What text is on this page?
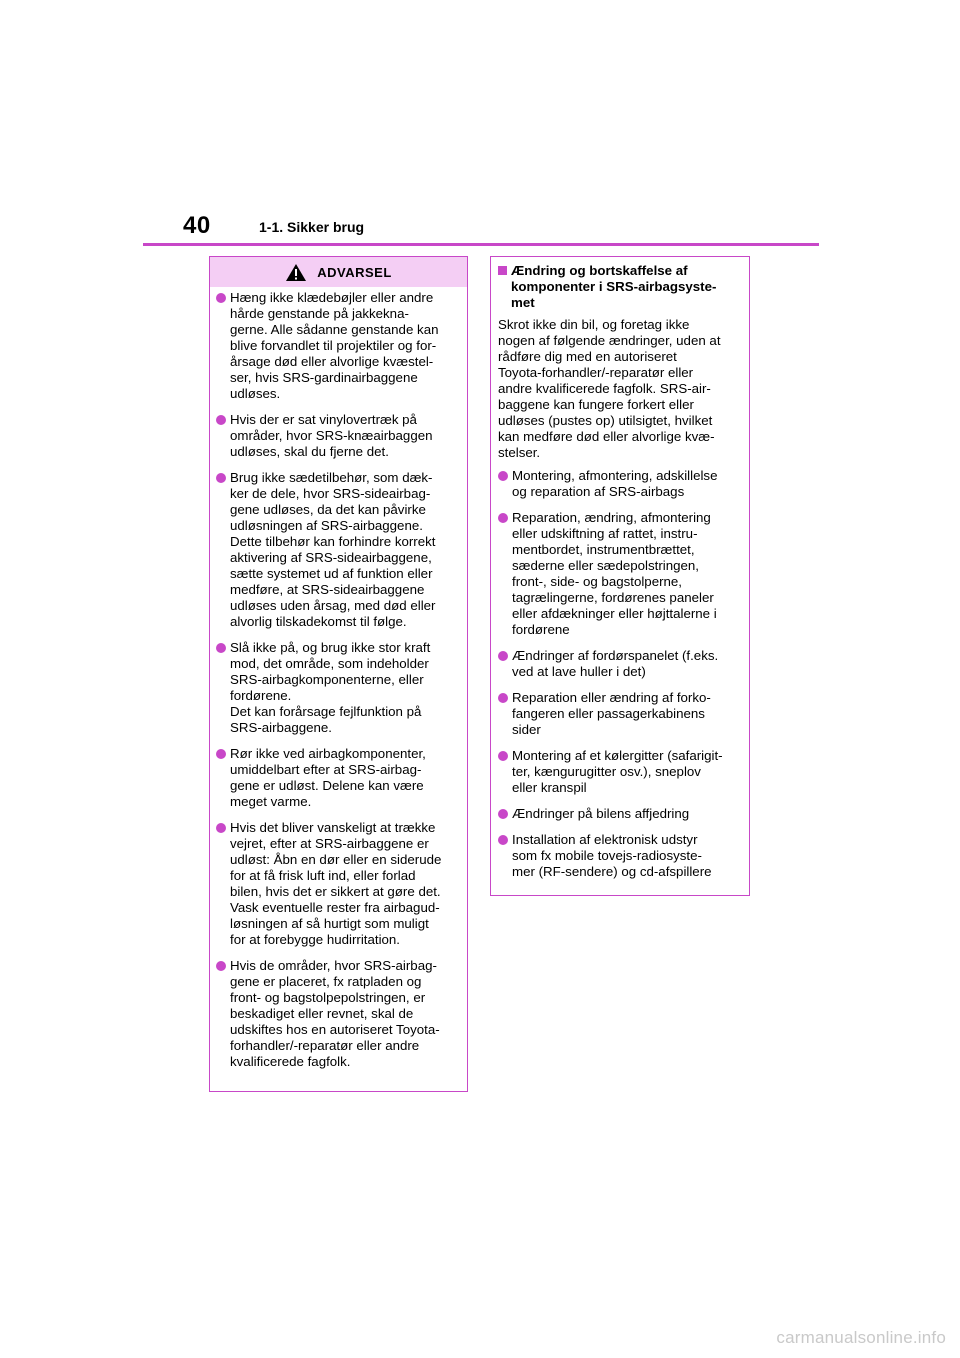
40	1-1. Sikker brug
ADVARSEL
Hæng ikke klædebøjler eller andre
hårde genstande på jakkekna-
gerne. Alle sådanne genstande kan
blive forvandlet til projektiler og for-
årsage død eller alvorlige kvæstel-
ser, hvis SRS-gardinairbaggene
udløses.
Hvis der er sat vinylovertræk på
områder, hvor SRS-knæairbaggen
udløses, skal du fjerne det.
Brug ikke sædetilbehør, som dæk-
ker de dele, hvor SRS-sideairbag-
gene udløses, da det kan påvirke
udløsningen af SRS-airbaggene.
Dette tilbehør kan forhindre korrekt
aktivering af SRS-sideairbaggene,
sætte systemet ud af funktion eller
medføre, at SRS-sideairbaggene
udløses uden årsag, med død eller
alvorlig tilskadekomst til følge.
Slå ikke på, og brug ikke stor kraft
mod, det område, som indeholder
SRS-airbagkomponenterne, eller
fordørene.
Det kan forårsage fejlfunktion på
SRS-airbaggene.
Rør ikke ved airbagkomponenter,
umiddelbart efter at SRS-airbag-
gene er udløst. Delene kan være
meget varme.
Hvis det bliver vanskeligt at trække
vejret, efter at SRS-airbaggene er
udløst: Åbn en dør eller en siderude
for at få frisk luft ind, eller forlad
bilen, hvis det er sikkert at gøre det.
Vask eventuelle rester fra airbagud-
løsningen af så hurtigt som muligt
for at forebygge hudirritation.
Hvis de områder, hvor SRS-airbag-
gene er placeret, fx ratpladen og
front- og bagstolpepolstringen, er
beskadiget eller revnet, skal de
udskiftes hos en autoriseret Toyota-
forhandler/-reparatør eller andre
kvalificerede fagfolk.
Ændring og bortskaffelse af
komponenter i SRS-airbagsyste-
met
Skrot ikke din bil, og foretag ikke
nogen af følgende ændringer, uden at
rådføre dig med en autoriseret
Toyota-forhandler/-reparatør eller
andre kvalificerede fagfolk. SRS-air-
baggene kan fungere forkert eller
udløses (pustes op) utilsigtet, hvilket
kan medføre død eller alvorlige kvæ-
stelser.
Montering, afmontering, adskillelse
og reparation af SRS-airbags
Reparation, ændring, afmontering
eller udskiftning af rattet, instru-
mentbordet, instrumentbrættet,
sæderne eller sædepolstringen,
front-, side- og bagstolperne,
tagrælingerne, fordørenes paneler
eller afdækninger eller højttalerne i
fordørene
Ændringer af fordørspanelet (f.eks.
ved at lave huller i det)
Reparation eller ændring af forko-
fangeren eller passagerkabinens
sider
Montering af et kølergitter (safarigit-
ter, kængurugitter osv.), sneplov
eller kranspil
Ændringer på bilens affjedring
Installation af elektronisk udstyr
som fx mobile tovejs-radiosyste-
mer (RF-sendere) og cd-afspillere
carmanualsonline.info
